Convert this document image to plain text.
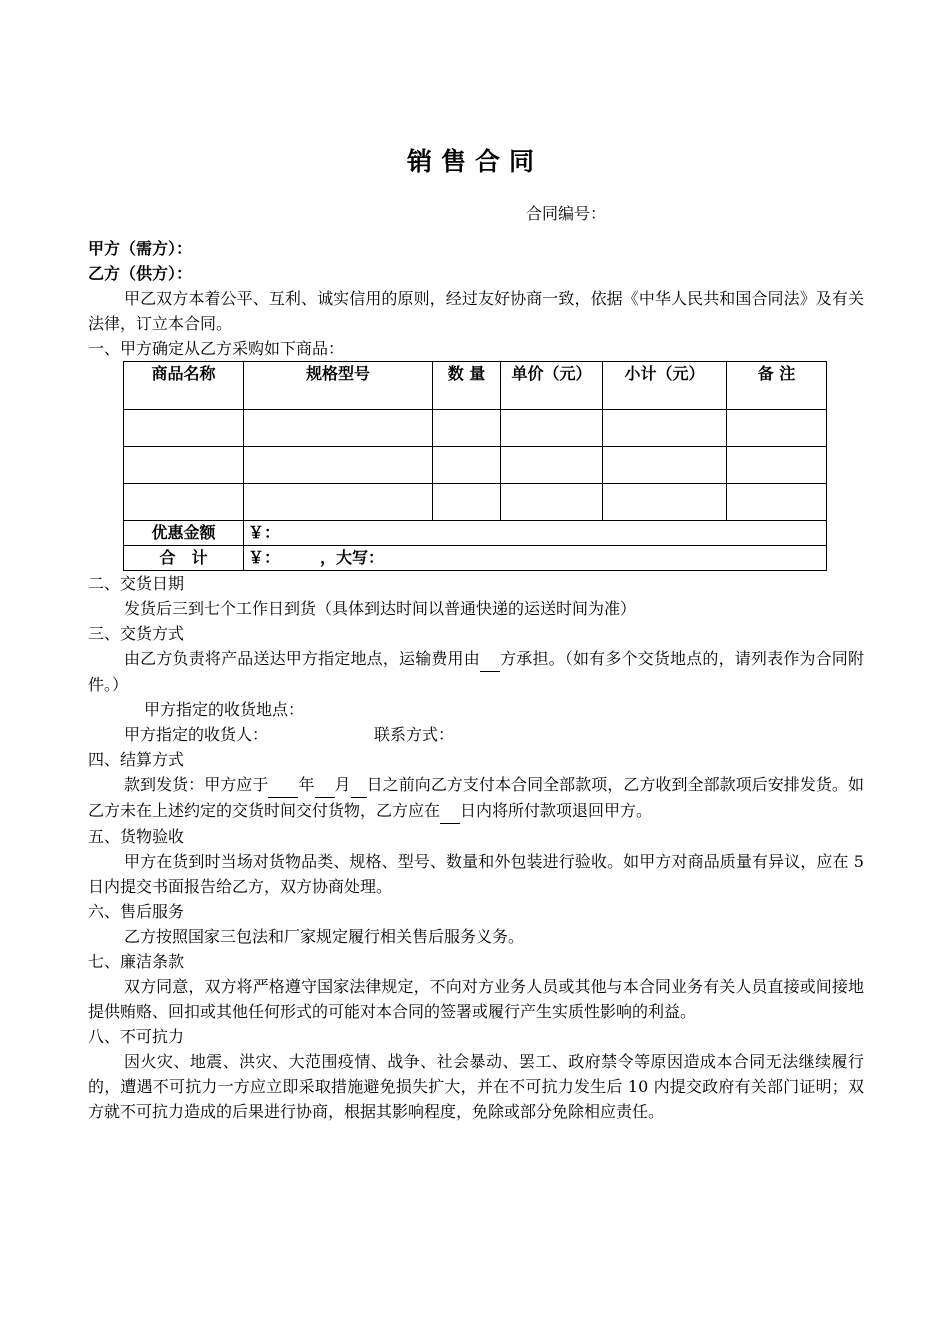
销售合同
合同编号：
甲方（需方）：
乙方（供方）：
甲乙双方本着公平、互利、诚实信用的原则，经过友好协商一致，依据《中华人民共和国合同法》及有关法律，订立本合同。
一、甲方确定从乙方采购如下商品：
商品名称	规格型号	数 量	单价（元）	小计（元）	备 注

优惠金额	￥：				
合　计	￥：　　　，大写：				
二、交货日期
发货后三到七个工作日到货（具体到达时间以普通快递的运送时间为准）
三、交货方式
由乙方负责将产品送达甲方指定地点，运输费用由 方承担。（如有多个交货地点的，请列表作为合同附件。）
甲方指定的收货地点：
甲方指定的收货人：	联系方式：
四、结算方式
款到发货：甲方应于 年 月 日之前向乙方支付本合同全部款项，乙方收到全部款项后安排发货。如乙方未在上述约定的交货时间交付货物，乙方应在 日内将所付款项退回甲方。
五、货物验收
甲方在货到时当场对货物品类、规格、型号、数量和外包装进行验收。如甲方对商品质量有异议，应在 5 日内提交书面报告给乙方，双方协商处理。
六、售后服务
乙方按照国家三包法和厂家规定履行相关售后服务义务。
七、廉洁条款
双方同意，双方将严格遵守国家法律规定，不向对方业务人员或其他与本合同业务有关人员直接或间接地提供贿赂、回扣或其他任何形式的可能对本合同的签署或履行产生实质性影响的利益。
八、不可抗力
因火灾、地震、洪灾、大范围疫情、战争、社会暴动、罢工、政府禁令等原因造成本合同无法继续履行的，遭遇不可抗力一方应立即采取措施避免损失扩大，并在不可抗力发生后 10 内提交政府有关部门证明；双方就不可抗力造成的后果进行协商，根据其影响程度，免除或部分免除相应责任。
